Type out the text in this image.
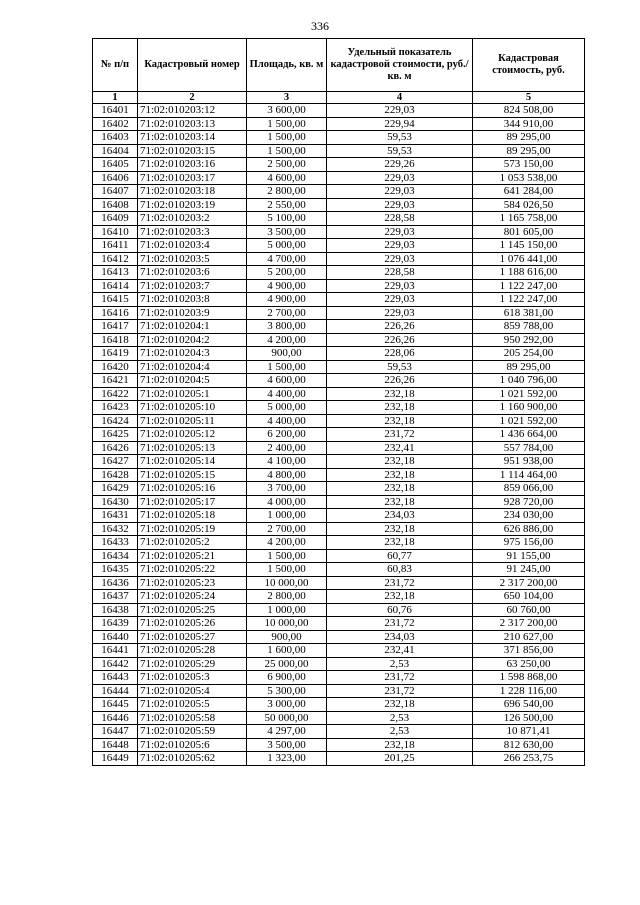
336
№ п/п	Кадастровый номер	Площадь, кв. м	Удельный показатель кадастровой стоимости, руб./кв. м	Кадастровая стоимость, руб.
1	2	3	4	5
16401	71:02:010203:12	3 600,00	229,03	824 508,00
16402	71:02:010203:13	1 500,00	229,94	344 910,00
16403	71:02:010203:14	1 500,00	59,53	89 295,00
16404	71:02:010203:15	1 500,00	59,53	89 295,00
16405	71:02:010203:16	2 500,00	229,26	573 150,00
16406	71:02:010203:17	4 600,00	229,03	1 053 538,00
16407	71:02:010203:18	2 800,00	229,03	641 284,00
16408	71:02:010203:19	2 550,00	229,03	584 026,50
16409	71:02:010203:2	5 100,00	228,58	1 165 758,00
16410	71:02:010203:3	3 500,00	229,03	801 605,00
16411	71:02:010203:4	5 000,00	229,03	1 145 150,00
16412	71:02:010203:5	4 700,00	229,03	1 076 441,00
16413	71:02:010203:6	5 200,00	228,58	1 188 616,00
16414	71:02:010203:7	4 900,00	229,03	1 122 247,00
16415	71:02:010203:8	4 900,00	229,03	1 122 247,00
16416	71:02:010203:9	2 700,00	229,03	618 381,00
16417	71:02:010204:1	3 800,00	226,26	859 788,00
16418	71:02:010204:2	4 200,00	226,26	950 292,00
16419	71:02:010204:3	900,00	228,06	205 254,00
16420	71:02:010204:4	1 500,00	59,53	89 295,00
16421	71:02:010204:5	4 600,00	226,26	1 040 796,00
16422	71:02:010205:1	4 400,00	232,18	1 021 592,00
16423	71:02:010205:10	5 000,00	232,18	1 160 900,00
16424	71:02:010205:11	4 400,00	232,18	1 021 592,00
16425	71:02:010205:12	6 200,00	231,72	1 436 664,00
16426	71:02:010205:13	2 400,00	232,41	557 784,00
16427	71:02:010205:14	4 100,00	232,18	951 938,00
16428	71:02:010205:15	4 800,00	232,18	1 114 464,00
16429	71:02:010205:16	3 700,00	232,18	859 066,00
16430	71:02:010205:17	4 000,00	232,18	928 720,00
16431	71:02:010205:18	1 000,00	234,03	234 030,00
16432	71:02:010205:19	2 700,00	232,18	626 886,00
16433	71:02:010205:2	4 200,00	232,18	975 156,00
16434	71:02:010205:21	1 500,00	60,77	91 155,00
16435	71:02:010205:22	1 500,00	60,83	91 245,00
16436	71:02:010205:23	10 000,00	231,72	2 317 200,00
16437	71:02:010205:24	2 800,00	232,18	650 104,00
16438	71:02:010205:25	1 000,00	60,76	60 760,00
16439	71:02:010205:26	10 000,00	231,72	2 317 200,00
16440	71:02:010205:27	900,00	234,03	210 627,00
16441	71:02:010205:28	1 600,00	232,41	371 856,00
16442	71:02:010205:29	25 000,00	2,53	63 250,00
16443	71:02:010205:3	6 900,00	231,72	1 598 868,00
16444	71:02:010205:4	5 300,00	231,72	1 228 116,00
16445	71:02:010205:5	3 000,00	232,18	696 540,00
16446	71:02:010205:58	50 000,00	2,53	126 500,00
16447	71:02:010205:59	4 297,00	2,53	10 871,41
16448	71:02:010205:6	3 500,00	232,18	812 630,00
16449	71:02:010205:62	1 323,00	201,25	266 253,75
